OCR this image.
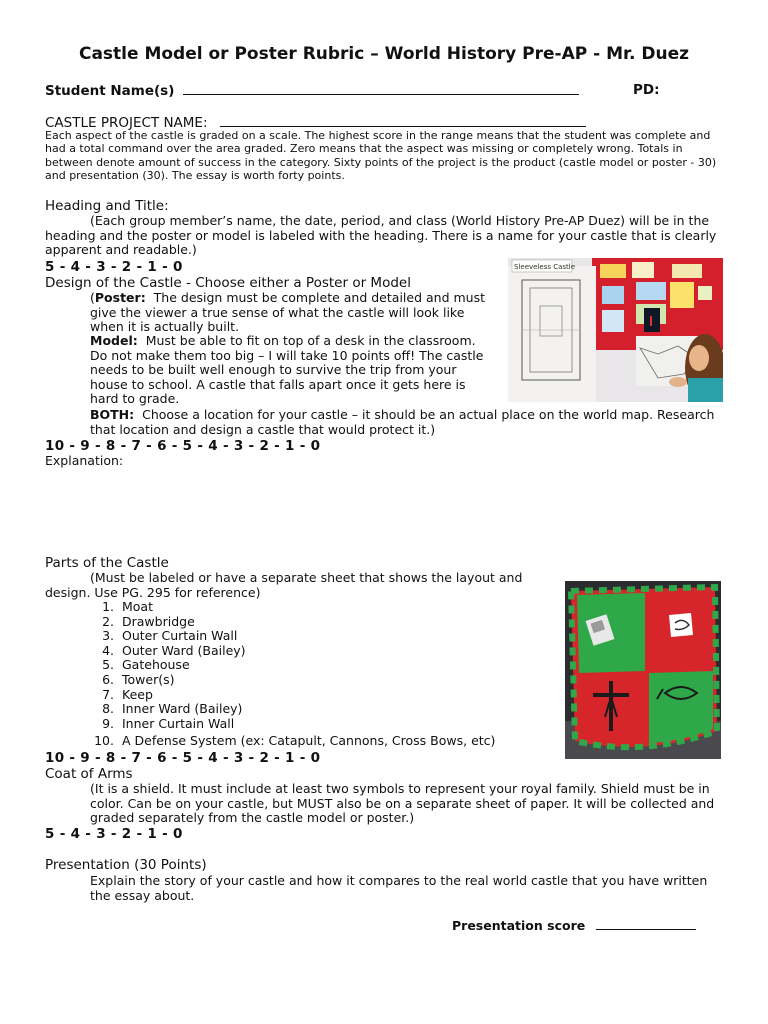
Castle Model or Poster Rubric – World History Pre-AP - Mr. Duez
Student Name(s)	PD:
CASTLE PROJECT NAME:
Each aspect of the castle is graded on a scale. The highest score in the range means that the student was complete and had a total command over the area graded. Zero means that the aspect was missing or completely wrong. Totals in between denote amount of success in the category. Sixty points of the project is the product (castle model or poster - 30) and presentation (30). The essay is worth forty points.
Heading and Title:
(Each group member’s name, the date, period, and class (World History Pre-AP Duez) will be in the heading and the poster or model is labeled with the heading. There is a name for your castle that is clearly apparent and readable.)
5 - 4 - 3 - 2 - 1 - 0
Design of the Castle - Choose either a Poster or Model
(Poster: The design must be complete and detailed and must give the viewer a true sense of what the castle will look like when it is actually built.
Model: Must be able to fit on top of a desk in the classroom. Do not make them too big – I will take 10 points off! The castle needs to be built well enough to survive the trip from your house to school. A castle that falls apart once it gets here is hard to grade.
BOTH: Choose a location for your castle – it should be an actual place on the world map. Research that location and design a castle that would protect it.)
10 - 9 - 8 - 7 - 6 - 5 - 4 - 3 - 2 - 1 - 0
Explanation:
Sleeveless Castle
Parts of the Castle
(Must be labeled or have a separate sheet that shows the layout and
design. Use PG. 295 for reference)
1. Moat
2. Drawbridge
3. Outer Curtain Wall
4. Outer Ward (Bailey)
5. Gatehouse
6. Tower(s)
7. Keep
8. Inner Ward (Bailey)
9. Inner Curtain Wall
10. A Defense System (ex: Catapult, Cannons, Cross Bows, etc)
10 - 9 - 8 - 7 - 6 - 5 - 4 - 3 - 2 - 1 - 0
Coat of Arms
(It is a shield. It must include at least two symbols to represent your royal family. Shield must be in color. Can be on your castle, but MUST also be on a separate sheet of paper. It will be collected and graded separately from the castle model or poster.)
5 - 4 - 3 - 2 - 1 - 0
Presentation (30 Points)
Explain the story of your castle and how it compares to the real world castle that you have written the essay about.
Presentation score
